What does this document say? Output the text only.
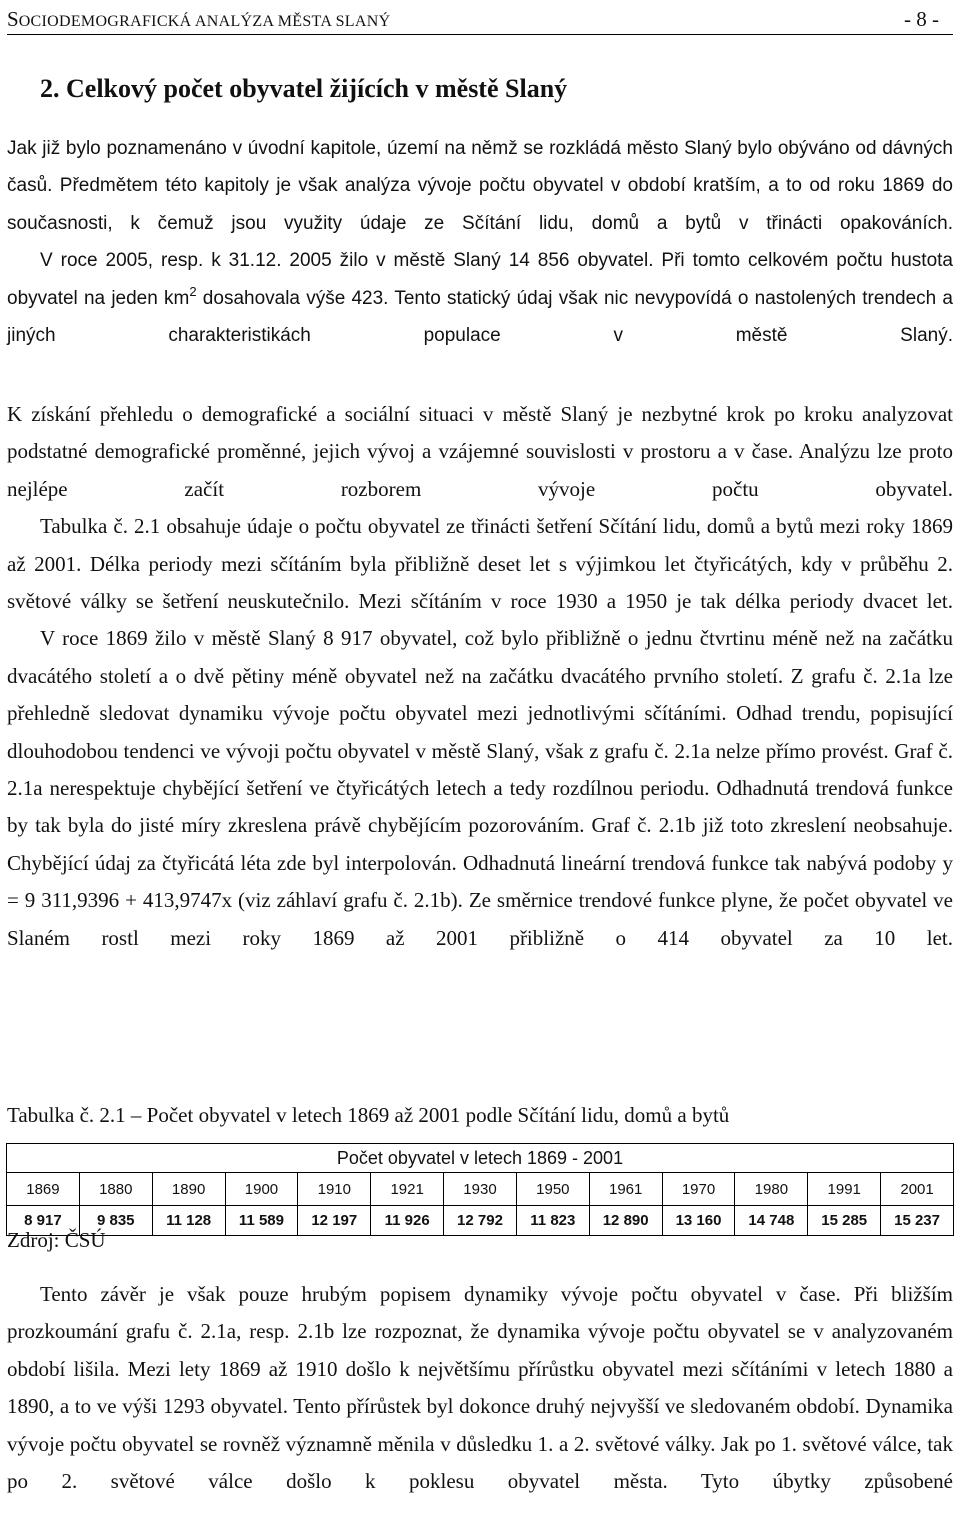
SOCIODEMOGRAFICKÁ ANALÝZA MĚSTA SLANÝ	- 8 -
2. Celkový počet obyvatel žijících v městě Slaný

Jak již bylo poznamenáno v úvodní kapitole, území na němž se rozkládá město Slaný bylo obýváno od dávných časů. Předmětem této kapitoly je však analýza vývoje počtu obyvatel v období kratším, a to od roku 1869 do současnosti, k čemuž jsou využity údaje ze Sčítání lidu, domů a bytů v třinácti opakováních.

V roce 2005, resp. k 31.12. 2005 žilo v městě Slaný 14 856 obyvatel. Při tomto celkovém počtu hustota obyvatel na jeden $km^2$ dosahovala výše 423. Tento statický údaj však nic nevypovídá o nastolených trendech a jiných charakteristikách populace v městě Slaný.

K získání přehledu o demografické a sociální situaci v městě Slaný je nezbytné krok po kroku analyzovat podstatné demografické proměnné, jejich vývoj a vzájemné souvislosti v prostoru a v čase. Analýzu lze proto nejlépe začít rozborem vývoje počtu obyvatel.

Tabulka č. 2.1 obsahuje údaje o počtu obyvatel ze třinácti šetření Sčítání lidu, domů a bytů mezi roky 1869 až 2001. Délka periody mezi sčítáním byla přibližně deset let s výjimkou let čtyřicátých, kdy v průběhu 2. světové války se šetření neuskutečnilo. Mezi sčítáním v roce 1930 a 1950 je tak délka periody dvacet let.

V roce 1869 žilo v městě Slaný 8 917 obyvatel, což bylo přibližně o jednu čtvrtinu méně než na začátku dvacátého století a o dvě pětiny méně obyvatel než na začátku dvacátého prvního století. Z grafu č. 2.1a lze přehledně sledovat dynamiku vývoje počtu obyvatel mezi jednotlivými sčítáními. Odhad trendu, popisující dlouhodobou tendenci ve vývoji počtu obyvatel v městě Slaný, však z grafu č. 2.1a nelze přímo provést. Graf č. 2.1a nerespektuje chybějící šetření ve čtyřicátých letech a tedy rozdílnou periodu. Odhadnutá trendová funkce by tak byla do jisté míry zkreslena právě chybějícím pozorováním. Graf č. 2.1b již toto zkreslení neobsahuje. Chybějící údaj za čtyřicátá léta zde byl interpolován. Odhadnutá lineární trendová funkce tak nabývá podoby y = 9 311,9396 + 413,9747x (viz záhlaví grafu č. 2.1b). Ze směrnice trendové funkce plyne, že počet obyvatel ve Slaném rostl mezi roky 1869 až 2001 přibližně o 414 obyvatel za 10 let.

Tabulka č. 2.1 – Počet obyvatel v letech 1869 až 2001 podle Sčítání lidu, domů a bytů

Počet obyvatel v letech 1869 - 2001												
1869	1880	1890	1900	1910	1921	1930	1950	1961	1970	1980	1991	2001
8 917	9 835	11 128	11 589	12 197	11 926	12 792	11 823	12 890	13 160	14 748	15 285	15 237

Zdroj: ČSÚ

Tento závěr je však pouze hrubým popisem dynamiky vývoje počtu obyvatel v čase. Při bližším prozkoumání grafu č. 2.1a, resp. 2.1b lze rozpoznat, že dynamika vývoje počtu obyvatel se v analyzovaném období lišila. Mezi lety 1869 až 1910 došlo k největšímu přírůstku obyvatel mezi sčítáními v letech 1880 a 1890, a to ve výši 1293 obyvatel. Tento přírůstek byl dokonce druhý nejvyšší ve sledovaném období. Dynamika vývoje počtu obyvatel se rovněž významně měnila v důsledku 1. a 2. světové války. Jak po 1. světové válce, tak po 2. světové válce došlo k poklesu obyvatel města. Tyto úbytky způsobené
